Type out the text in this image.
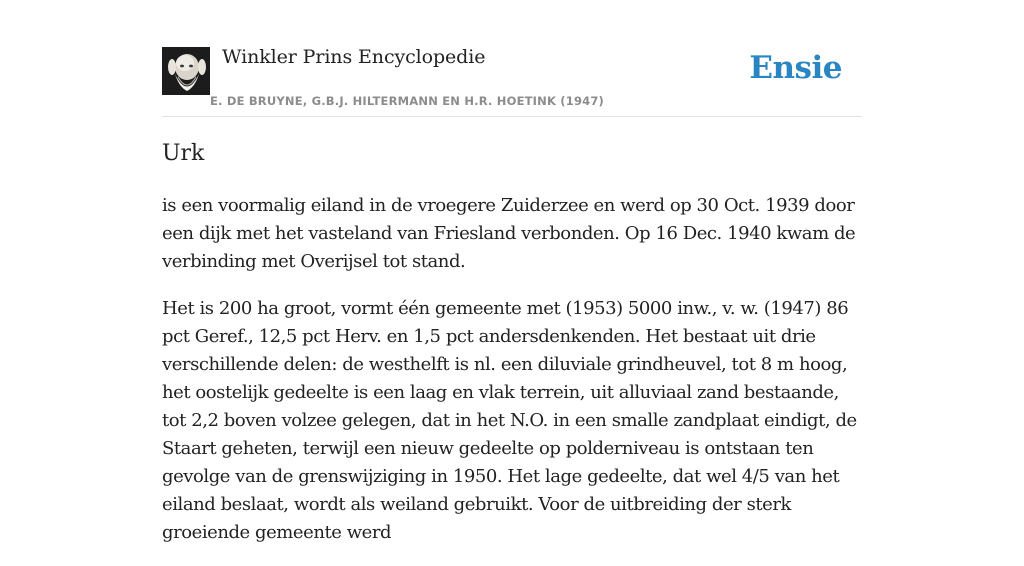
Winkler Prins Encyclopedie
E. DE BRUYNE, G.B.J. HILTERMANN EN H.R. HOETINK (1947)
Ensie
Urk

is een voormalig eiland in de vroegere Zuiderzee en werd op 30 Oct. 1939 door een dijk met het vasteland van Friesland verbonden. Op 16 Dec. 1940 kwam de verbinding met Overijsel tot stand.

Het is 200 ha groot, vormt één gemeente met (1953) 5000 inw., v. w. (1947) 86 pct Geref., 12,5 pct Herv. en 1,5 pct andersdenkenden. Het bestaat uit drie verschillende delen: de westhelft is nl. een diluviale grindheuvel, tot 8 m hoog, het oostelijk gedeelte is een laag en vlak terrein, uit alluviaal zand bestaande, tot 2,2 boven volzee gelegen, dat in het N.O. in een smalle zandplaat eindigt, de Staart geheten, terwijl een nieuw gedeelte op polderniveau is ontstaan ten gevolge van de grenswijziging in 1950. Het lage gedeelte, dat wel 4/5 van het eiland beslaat, wordt als weiland gebruikt. Voor de uitbreiding der sterk groeiende gemeente werd
